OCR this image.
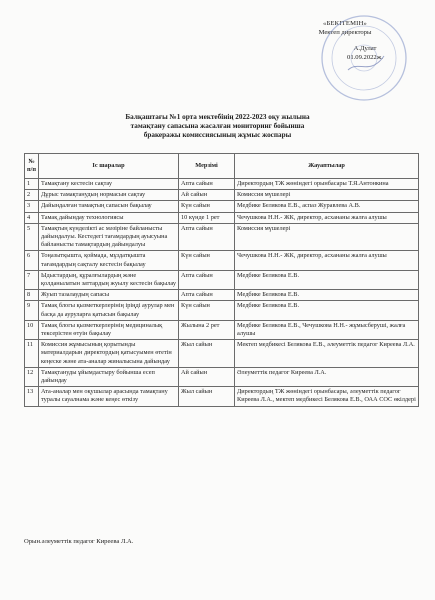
«БЕКІТЕМІН»
Мектеп директоры
А.Дулат
01.09.2022ж.
Балқаштағы №1 орта мектебінің 2022-2023 оқу жылына
тамақтану сапасына жасалған мониторинг бойынша
бракеражы комиссиясының жұмыс жоспары
№ п/п	Іс шаралар	Мерзімі	Жауаптылар
1	Тамақтану кестесін сақтау	Апта сайын	Директордың ТЖ жөніндегі орынбасары Т.Я.Антонкина
2	Дұрыс тамақтанудың нормасын сақтау	Ай сайын	Комиссия мүшелері
3	Дайындалған тамақтың сапасын бақылау	Күн сайын	Медбике Белякова Е.В., аспаз Журавлева А.В.
4	Тамақ дайындау технологиясы	10 күнде 1 рет	Чечушкова Н.Н.- ЖК, директор, асхананы жалға алушы
5	Тамақтың күнделікті ас мәзіріне байланысты дайындалуы. Кестедегі тағамдардың ауысуына байланысты тамақтардың дайындалуы	Апта сайын	Комиссия мүшелері
6	Тоңазытқышта, қоймада, мұздатқышта тағамдардың сақталу кестесін бақылау	Күн сайын	Чечушкова Н.Н.- ЖК, директор, асхананы жалға алушы
7	Ыдыстардың, құралғылардың және қолданылатын заттардың жуылу кестесін бақылау	Апта сайын	Медбике Белякова Е.В.
8	Жуып тазалаудың сапасы	Апта сайын	Медбике Белякова Е.В.
9	Тамақ блогы қызметкерлерінің іріңді аурулар мен басқа да ауруларға қатысын бақылау	Күн сайын	Медбике Белякова Е.В.
10	Тамақ блогы қызметкерлерінің медициналық тексерістен өтуін бақылау	Жылына 2 рет	Медбике Белякова Е.В., Чечушкова Н.Н.- жұмысберуші, жалға алушы
11	Комиссия жұмысының қорытынды материалдарын директордың қатысуымен өтетін кеңеске және ата-аналар жиналысына дайындау	Жыл сайын	Мектеп медбикесі Белякова Е.В., әлеуметтік педагог Киреева Л.А.
12	Тамақтануды ұйымдастыру бойынша есеп дайындау	Ай сайын	Әлеуметтік педагог Киреева Л.А.
13	Ата-аналар мен оқушылар арасында тамақтану туралы сауалнама және кеңес өткізу	Жыл сайын	Директордың ТЖ жөніндегі орынбасары, әлеуметтік педагог Киреева Л.А., мектеп медбикесі Белякова Е.В., ОАА СОС өкілдері
Орын.әлеуметтік педагог Киреева Л.А.
